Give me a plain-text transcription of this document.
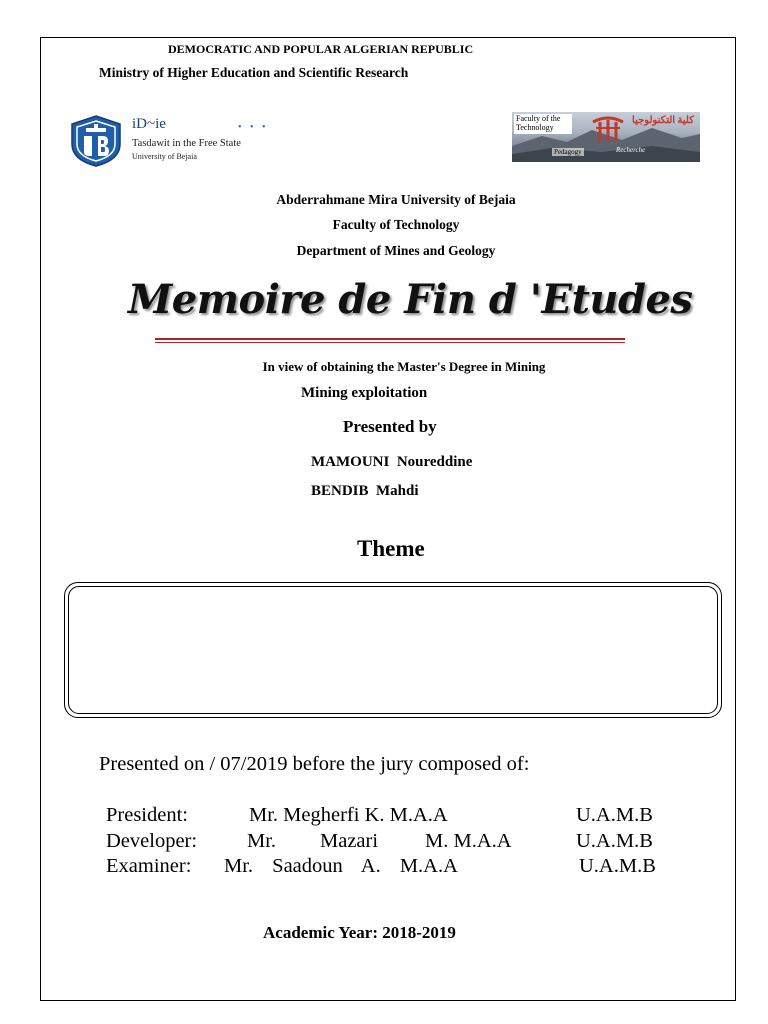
DEMOCRATIC AND POPULAR ALGERIAN REPUBLIC
Ministry of Higher Education and Scientific Research
iD~ie	• • •
Tasdawit in the Free State
University of Bejaia
Faculty of the
Technology
كلية التكنولوجيا
Pedagogy	Recherche
Abderrahmane Mira University of Bejaia
Faculty of Technology
Department of Mines and Geology
Memoire de Fin d 'Etudes
In view of obtaining the Master's Degree in Mining
Mining exploitation
Presented by
MAMOUNI  Noureddine
BENDIB  Mahdi
Theme
Presented on / 07/2019 before the jury composed of:
President:	Mr. Megherfi K. M.A.A	U.A.M.B
Developer: Mr. Mazari M. M.A.A	U.A.M.B
Examiner: Mr. Saadoun A. M.A.A	U.A.M.B
Academic Year: 2018-2019
